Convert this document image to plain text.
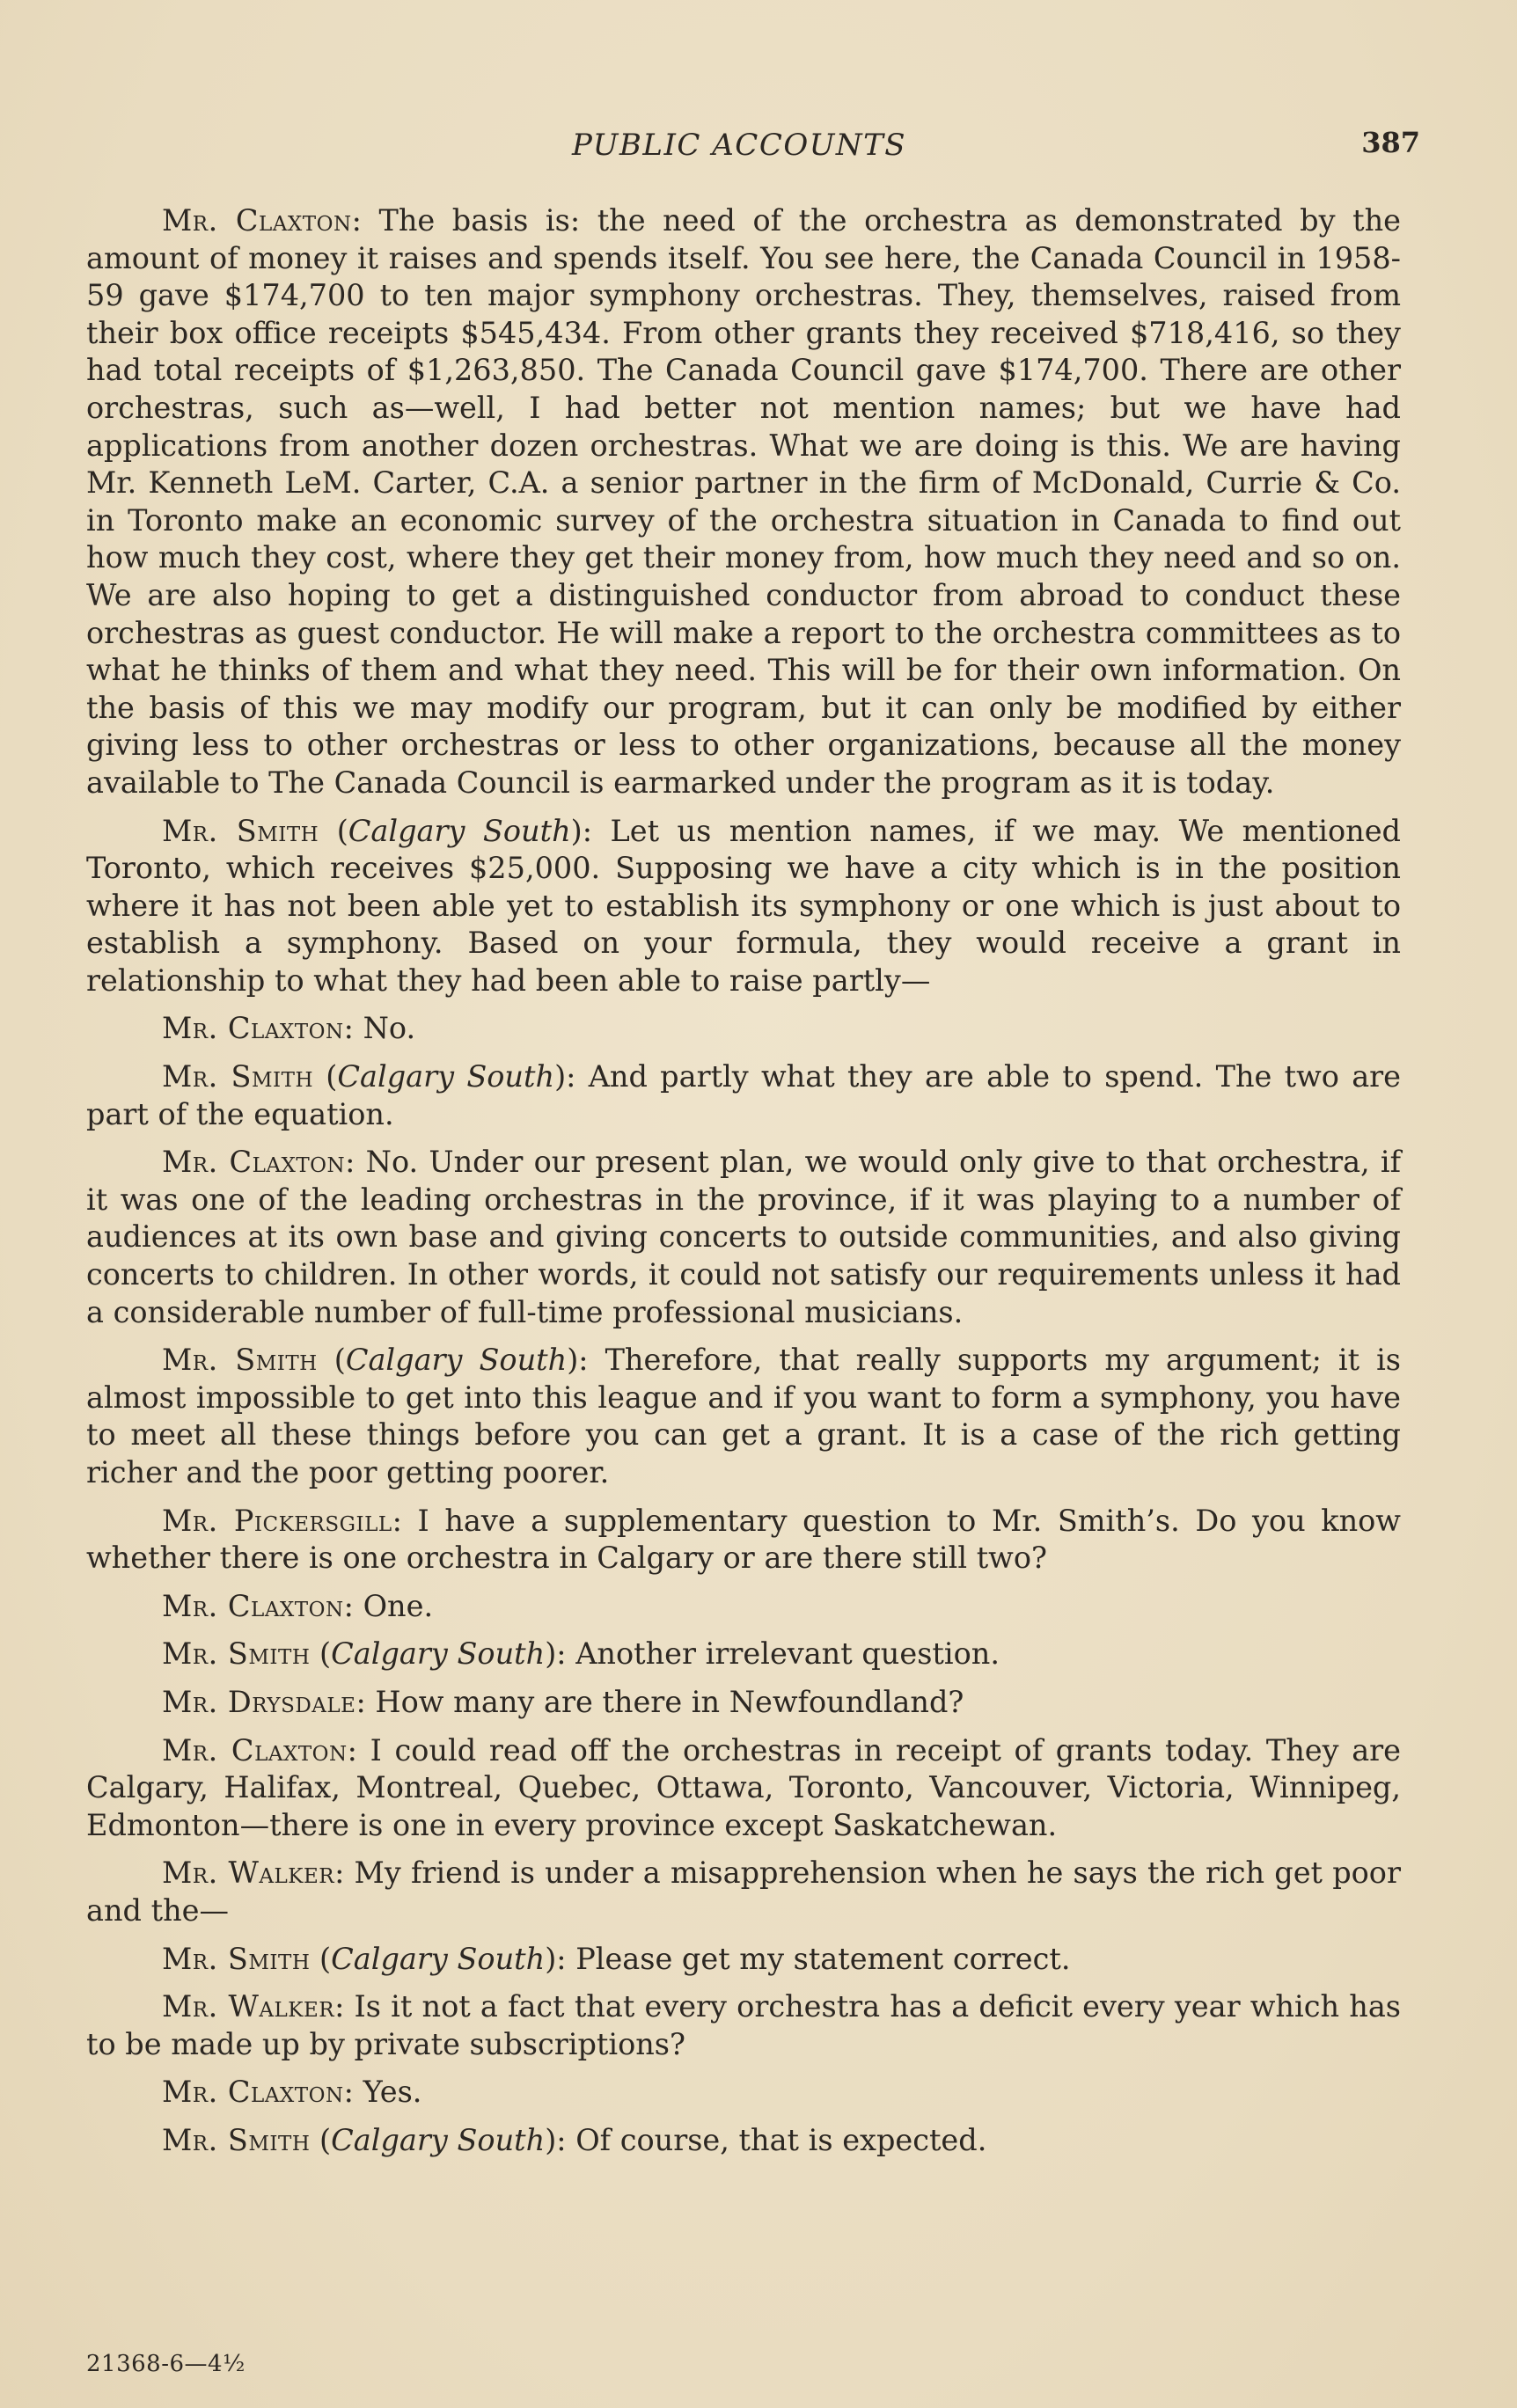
PUBLIC ACCOUNTS	387

Mr. Claxton: The basis is: the need of the orchestra as demonstrated by the amount of money it raises and spends itself. You see here, the Canada Council in 1958-59 gave $174,700 to ten major symphony orchestras. They, themselves, raised from their box office receipts $545,434. From other grants they received $718,416, so they had total receipts of $1,263,850. The Canada Council gave $174,700. There are other orchestras, such as—well, I had better not mention names; but we have had applications from another dozen orchestras. What we are doing is this. We are having Mr. Kenneth LeM. Carter, C.A. a senior partner in the firm of McDonald, Currie & Co. in Toronto make an economic survey of the orchestra situation in Canada to find out how much they cost, where they get their money from, how much they need and so on. We are also hoping to get a distinguished conductor from abroad to conduct these orchestras as guest conductor. He will make a report to the orchestra committees as to what he thinks of them and what they need. This will be for their own information. On the basis of this we may modify our program, but it can only be modified by either giving less to other orchestras or less to other organizations, because all the money available to The Canada Council is earmarked under the program as it is today.

Mr. Smith (Calgary South): Let us mention names, if we may. We mentioned Toronto, which receives $25,000. Supposing we have a city which is in the position where it has not been able yet to establish its symphony or one which is just about to establish a symphony. Based on your formula, they would receive a grant in relationship to what they had been able to raise partly—

Mr. Claxton: No.

Mr. Smith (Calgary South): And partly what they are able to spend. The two are part of the equation.

Mr. Claxton: No. Under our present plan, we would only give to that orchestra, if it was one of the leading orchestras in the province, if it was playing to a number of audiences at its own base and giving concerts to outside communities, and also giving concerts to children. In other words, it could not satisfy our requirements unless it had a considerable number of full-time professional musicians.

Mr. Smith (Calgary South): Therefore, that really supports my argument; it is almost impossible to get into this league and if you want to form a symphony, you have to meet all these things before you can get a grant. It is a case of the rich getting richer and the poor getting poorer.

Mr. Pickersgill: I have a supplementary question to Mr. Smith’s. Do you know whether there is one orchestra in Calgary or are there still two?

Mr. Claxton: One.

Mr. Smith (Calgary South): Another irrelevant question.

Mr. Drysdale: How many are there in Newfoundland?

Mr. Claxton: I could read off the orchestras in receipt of grants today. They are Calgary, Halifax, Montreal, Quebec, Ottawa, Toronto, Vancouver, Victoria, Winnipeg, Edmonton—there is one in every province except Saskatchewan.

Mr. Walker: My friend is under a misapprehension when he says the rich get poor and the—

Mr. Smith (Calgary South): Please get my statement correct.

Mr. Walker: Is it not a fact that every orchestra has a deficit every year which has to be made up by private subscriptions?

Mr. Claxton: Yes.

Mr. Smith (Calgary South): Of course, that is expected.

21368-6—4½
